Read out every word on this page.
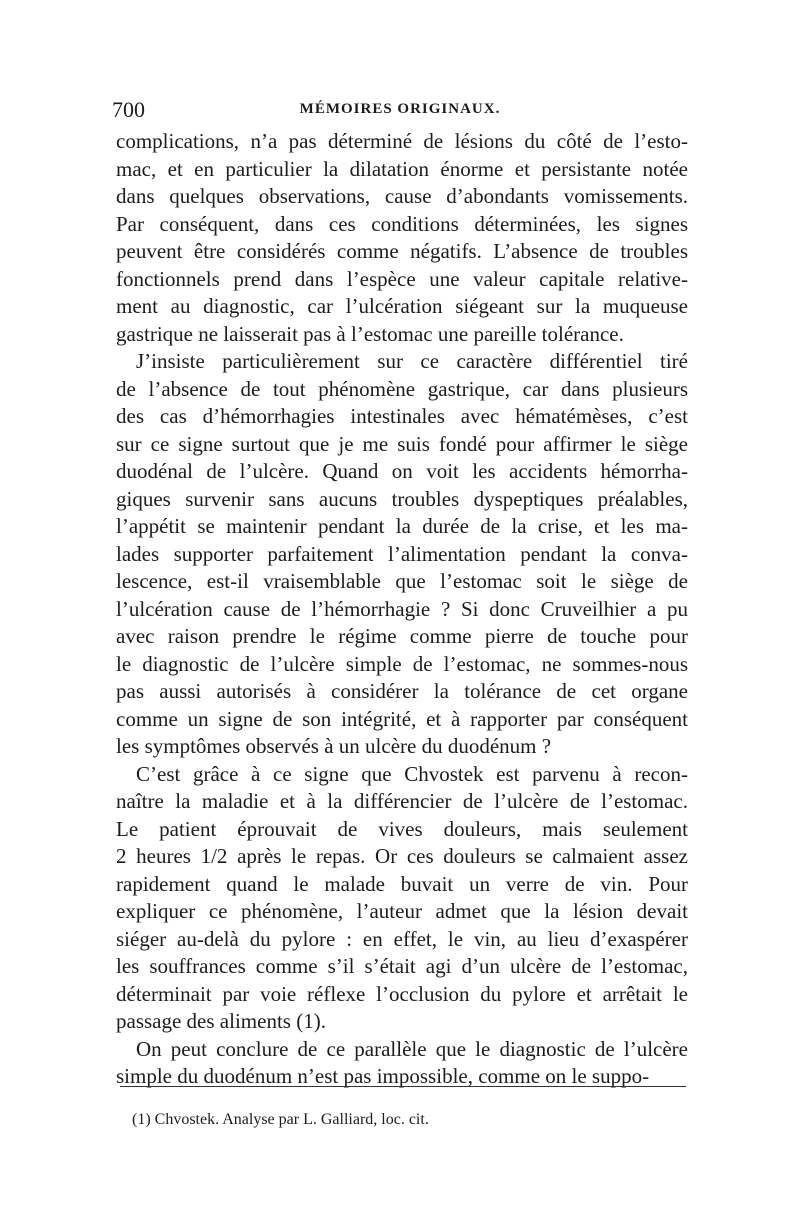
700	MÉMOIRES ORIGINAUX.
complications, n’a pas déterminé de lésions du côté de l’esto-
mac, et en particulier la dilatation énorme et persistante notée
dans quelques observations, cause d’abondants vomissements.
Par conséquent, dans ces conditions déterminées, les signes
peuvent être considérés comme négatifs. L’absence de troubles
fonctionnels prend dans l’espèce une valeur capitale relative-
ment au diagnostic, car l’ulcération siégeant sur la muqueuse
gastrique ne laisserait pas à l’estomac une pareille tolérance.
J’insiste particulièrement sur ce caractère différentiel tiré
de l’absence de tout phénomène gastrique, car dans plusieurs
des cas d’hémorrhagies intestinales avec hématémèses, c’est
sur ce signe surtout que je me suis fondé pour affirmer le siège
duodénal de l’ulcère. Quand on voit les accidents hémorrha-
giques survenir sans aucuns troubles dyspeptiques préalables,
l’appétit se maintenir pendant la durée de la crise, et les ma-
lades supporter parfaitement l’alimentation pendant la conva-
lescence, est-il vraisemblable que l’estomac soit le siège de
l’ulcération cause de l’hémorrhagie ? Si donc Cruveilhier a pu
avec raison prendre le régime comme pierre de touche pour
le diagnostic de l’ulcère simple de l’estomac, ne sommes-nous
pas aussi autorisés à considérer la tolérance de cet organe
comme un signe de son intégrité, et à rapporter par conséquent
les symptômes observés à un ulcère du duodénum ?
C’est grâce à ce signe que Chvostek est parvenu à recon-
naître la maladie et à la différencier de l’ulcère de l’estomac.
Le patient éprouvait de vives douleurs, mais seulement
2 heures 1/2 après le repas. Or ces douleurs se calmaient assez
rapidement quand le malade buvait un verre de vin. Pour
expliquer ce phénomène, l’auteur admet que la lésion devait
siéger au-delà du pylore : en effet, le vin, au lieu d’exaspérer
les souffrances comme s’il s’était agi d’un ulcère de l’estomac,
déterminait par voie réflexe l’occlusion du pylore et arrêtait le
passage des aliments (1).
On peut conclure de ce parallèle que le diagnostic de l’ulcère
simple du duodénum n’est pas impossible, comme on le suppo-
(1) Chvostek. Analyse par L. Galliard, loc. cit.
